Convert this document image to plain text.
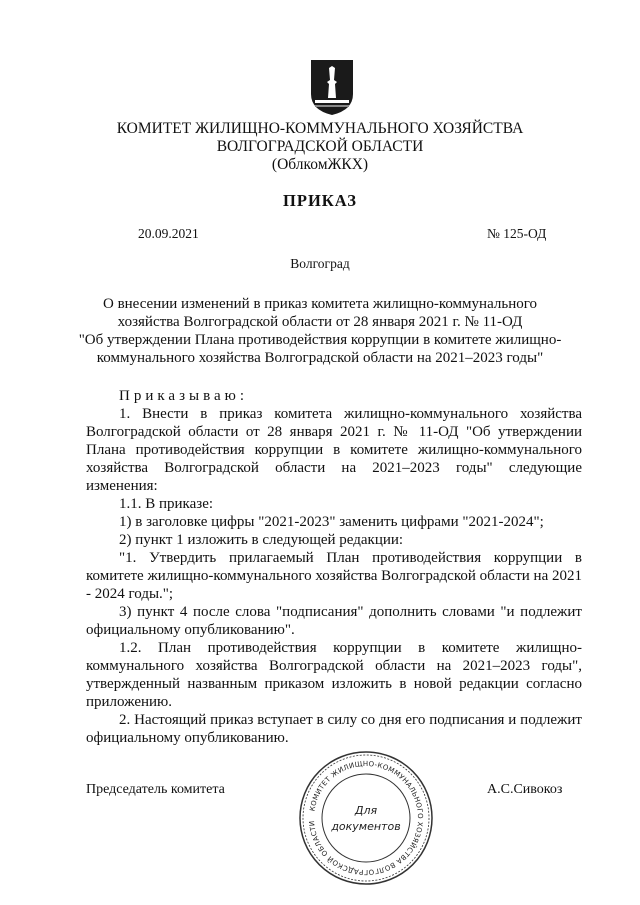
КОМИТЕТ ЖИЛИЩНО-КОММУНАЛЬНОГО ХОЗЯЙСТВА
ВОЛГОГРАДСКОЙ ОБЛАСТИ
(ОблкомЖКХ)
ПРИКАЗ
20.09.2021	№ 125-ОД
Волгоград
О внесении изменений в приказ комитета жилищно-коммунального
хозяйства Волгоградской области от 28 января 2021 г. № 11-ОД
"Об утверждении Плана противодействия коррупции в комитете жилищно-
коммунального хозяйства Волгоградской области на 2021–2023 годы"

Приказываю:

1. Внести в приказ комитета жилищно-коммунального хозяйства Волгоградской области от 28 января 2021 г. № 11-ОД "Об утверждении Плана противодействия коррупции в комитете жилищно-коммунального хозяйства Волгоградской области на 2021–2023 годы" следующие изменения:

1.1. В приказе:

1) в заголовке цифры "2021-2023" заменить цифрами "2021-2024";

2) пункт 1 изложить в следующей редакции:

"1. Утвердить прилагаемый План противодействия коррупции в комитете жилищно-коммунального хозяйства Волгоградской области на 2021 - 2024 годы.";

3) пункт 4 после слова "подписания" дополнить словами "и подлежит официальному опубликованию".

1.2. План противодействия коррупции в комитете жилищно-коммунального хозяйства Волгоградской области на 2021–2023 годы", утвержденный названным приказом изложить в новой редакции согласно приложению.

2. Настоящий приказ вступает в силу со дня его подписания и подлежит официальному опубликованию.

Председатель комитета	А.С.Сивокоз
КОМИТЕТ ЖИЛИЩНО-КОММУНАЛЬНОГО ХОЗЯЙСТВА ВОЛГОГРАДСКОЙ ОБЛАСТИ
Для
документов
